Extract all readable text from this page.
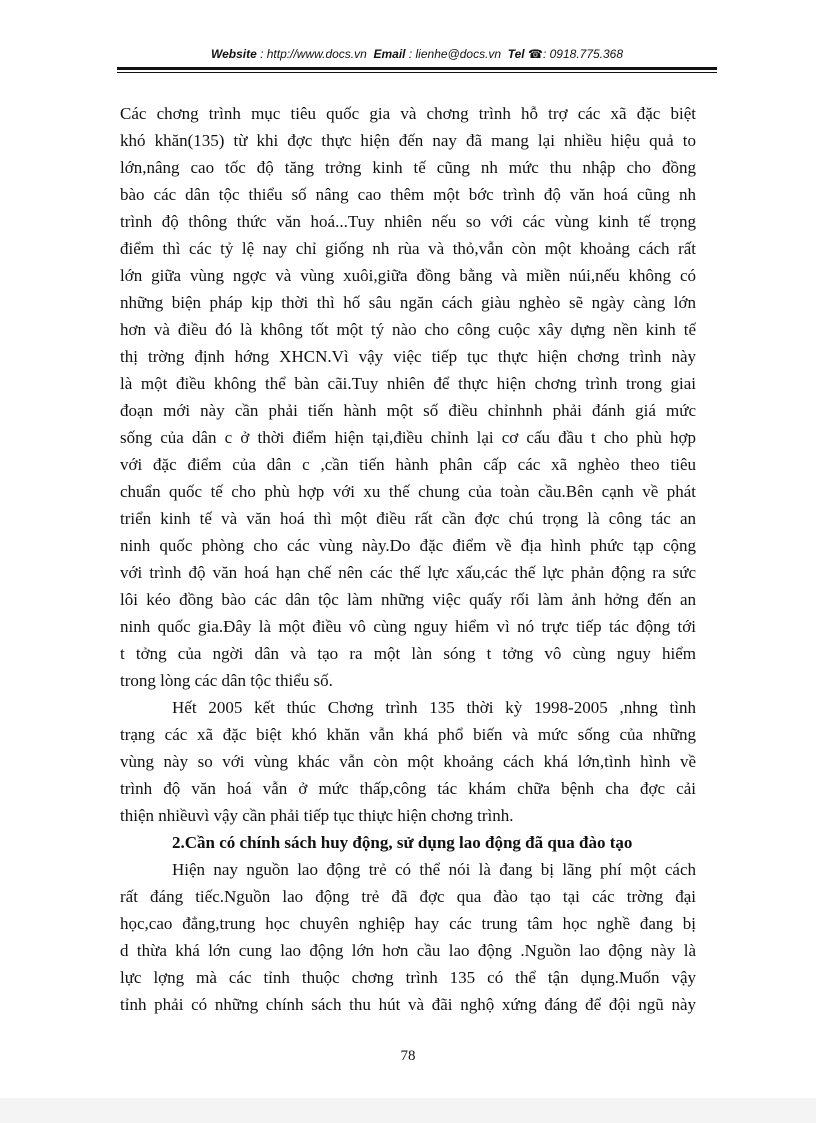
Website : http://www.docs.vn Email : lienhe@docs.vn Tel ☎: 0918.775.368
Các chơng trình mục tiêu quốc gia và chơng trình hỗ trợ các xã đặc biệt
khó khăn(135) từ khi đợc thực hiện đến nay đã mang lại nhiều hiệu quả to
lớn,nâng cao tốc độ tăng trởng kinh tế cũng nh mức thu nhập cho đồng
bào các dân tộc thiểu số nâng cao thêm một bớc trình độ văn hoá cũng nh
trình độ thông thức văn hoá...Tuy nhiên nếu so với các vùng kinh tế trọng
điểm thì các tỷ lệ nay chỉ giống nh rùa và thỏ,vẫn còn một khoảng cách rất
lớn giữa vùng ngợc và vùng xuôi,giữa đồng bằng và miền núi,nếu không có
những biện pháp kịp thời thì hố sâu ngăn cách giàu nghèo sẽ ngày càng lớn
hơn và điều đó là không tốt một tý nào cho công cuộc xây dựng nền kinh tế
thị trờng định hớng XHCN.Vì vậy việc tiếp tục thực hiện chơng trình này
là một điều không thể bàn cãi.Tuy nhiên để thực hiện chơng trình trong giai
đoạn mới này cần phải tiến hành một số điều chỉnhnh phải đánh giá mức
sống của dân c ở thời điểm hiện tại,điều chỉnh lại cơ cấu đầu t cho phù hợp
với đặc điểm của dân c ,cần tiến hành phân cấp các xã nghèo theo tiêu
chuẩn quốc tế cho phù hợp với xu thế chung của toàn cầu.Bên cạnh về phát
triển kinh tế và văn hoá thì một điều rất cần đợc chú trọng là công tác an
ninh quốc phòng cho các vùng này.Do đặc điểm về địa hình phức tạp cộng
với trình độ văn hoá hạn chế nên các thế lực xấu,các thế lực phản động ra sức
lôi kéo đồng bào các dân tộc làm những việc quấy rối làm ảnh hởng đến an
ninh quốc gia.Đây là một điều vô cùng nguy hiểm vì nó trực tiếp tác động tới
t tởng của ngời dân và tạo ra một làn sóng t tởng vô cùng nguy hiểm
trong lòng các dân tộc thiểu số.
Hết 2005 kết thúc Chơng trình 135 thời kỳ 1998-2005 ,nhng tình
trạng các xã đặc biệt khó khăn vẫn khá phổ biến và mức sống của những
vùng này so với vùng khác vẫn còn một khoảng cách khá lớn,tình hình về
trình độ văn hoá vẫn ở mức thấp,công tác khám chữa bệnh cha đợc cải
thiện nhiềuvì vậy cần phải tiếp tục thiực hiện chơng trình.
2.Cần có chính sách huy động, sử dụng lao động đã qua đào tạo
Hiện nay nguồn lao động trẻ có thể nói là đang bị lãng phí một cách
rất đáng tiếc.Nguồn lao động trẻ đã đợc qua đào tạo tại các trờng đại
học,cao đẳng,trung học chuyên nghiệp hay các trung tâm học nghề đang bị
d thừa khá lớn cung lao động lớn hơn cầu lao động .Nguồn lao động này là
lực lợng mà các tỉnh thuộc chơng trình 135 có thể tận dụng.Muốn vậy
tỉnh phải có những chính sách thu hút và đãi nghộ xứng đáng để đội ngũ này
78
